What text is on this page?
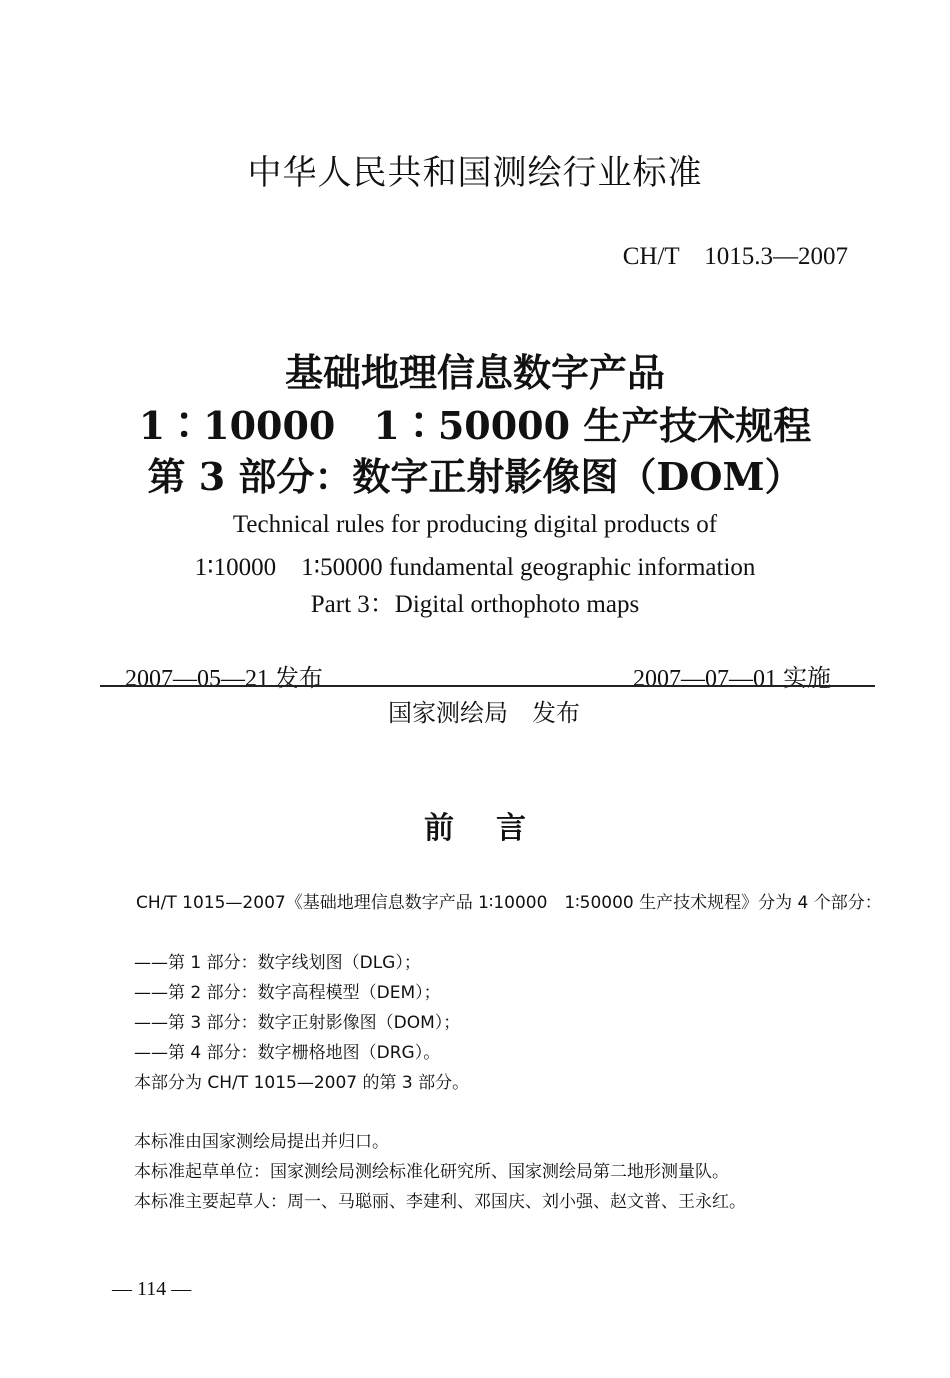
中华人民共和国测绘行业标准
CH/T　1015.3—2007
基础地理信息数字产品
1∶10000　1∶50000 生产技术规程
第 3 部分：数字正射影像图（DOM）
Technical rules for producing digital products of
1∶10000　1∶50000 fundamental geographic information
Part 3：Digital orthophoto maps
2007—05—21 发布	2007—07—01 实施
国家测绘局　发布
前言
CH/T 1015—2007《基础地理信息数字产品 1∶10000　1∶50000 生产技术规程》分为 4 个部分：
——第 1 部分：数字线划图（DLG）；
——第 2 部分：数字高程模型（DEM）；
——第 3 部分：数字正射影像图（DOM）；
——第 4 部分：数字栅格地图（DRG）。
本部分为 CH/T 1015—2007 的第 3 部分。
本标准由国家测绘局提出并归口。
本标准起草单位：国家测绘局测绘标准化研究所、国家测绘局第二地形测量队。
本标准主要起草人：周一、马聪丽、李建利、邓国庆、刘小强、赵文普、王永红。
— 114 —
